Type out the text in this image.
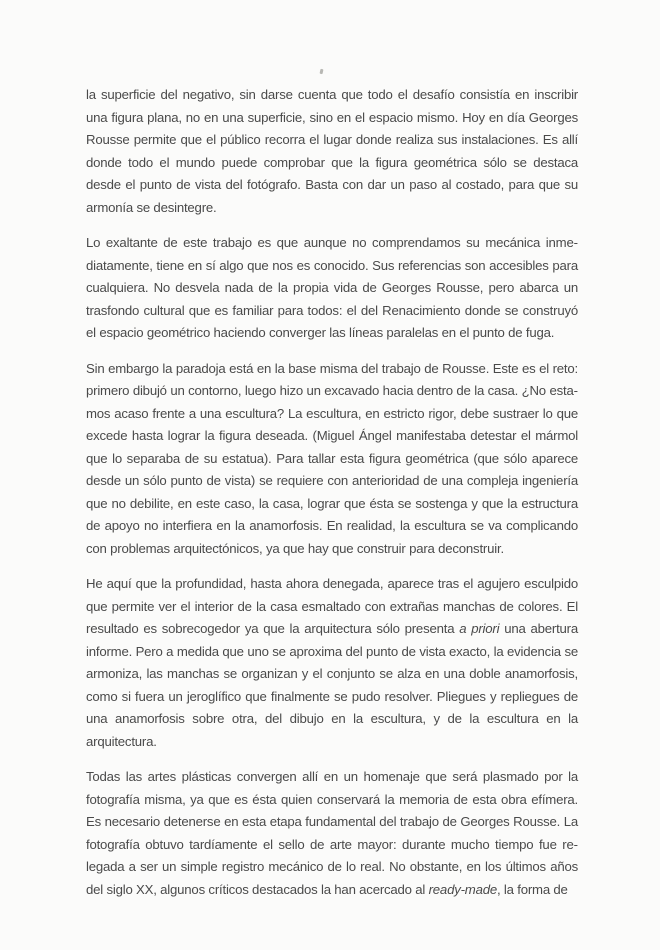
la superficie del negativo, sin darse cuenta que todo el desafío consistía en inscribir una figura plana, no en una superficie, sino en el espacio mismo. Hoy en día Georges Rousse permite que el público recorra el lugar donde realiza sus instalaciones. Es allí donde todo el mundo puede comprobar que la figura geométrica sólo se destaca desde el punto de vista del fotógrafo. Basta con dar un paso al costado, para que su armonía se desintegre.

Lo exaltante de este trabajo es que aunque no comprendamos su mecánica inmediatamente, tiene en sí algo que nos es conocido. Sus referencias son accesibles para cualquiera. No desvela nada de la propia vida de Georges Rousse, pero abarca un trasfondo cultural que es familiar para todos: el del Renacimiento donde se construyó el espacio geométrico haciendo converger las líneas paralelas en el punto de fuga.

Sin embargo la paradoja está en la base misma del trabajo de Rousse. Este es el reto: primero dibujó un contorno, luego hizo un excavado hacia dentro de la casa. ¿No estamos acaso frente a una escultura? La escultura, en estricto rigor, debe sustraer lo que excede hasta lograr la figura deseada. (Miguel Ángel manifestaba detestar el mármol que lo separaba de su estatua). Para tallar esta figura geométrica (que sólo aparece desde un sólo punto de vista) se requiere con anterioridad de una compleja ingeniería que no debilite, en este caso, la casa, lograr que ésta se sostenga y que la estructura de apoyo no interfiera en la anamorfosis. En realidad, la escultura se va complicando con problemas arquitectónicos, ya que hay que construir para deconstruir.

He aquí que la profundidad, hasta ahora denegada, aparece tras el agujero esculpido que permite ver el interior de la casa esmaltado con extrañas manchas de colores. El resultado es sobrecogedor ya que la arquitectura sólo presenta a priori una abertura informe. Pero a medida que uno se aproxima del punto de vista exacto, la evidencia se armoniza, las manchas se organizan y el conjunto se alza en una doble anamorfosis, como si fuera un jeroglífico que finalmente se pudo resolver. Pliegues y repliegues de una anamorfosis sobre otra, del dibujo en la escultura, y de la escultura en la arquitectura.

Todas las artes plásticas convergen allí en un homenaje que será plasmado por la fotografía misma, ya que es ésta quien conservará la memoria de esta obra efímera. Es necesario detenerse en esta etapa fundamental del trabajo de Georges Rousse. La fotografía obtuvo tardíamente el sello de arte mayor: durante mucho tiempo fue relegada a ser un simple registro mecánico de lo real. No obstante, en los últimos años del siglo XX, algunos críticos destacados la han acercado al ready-made, la forma de
